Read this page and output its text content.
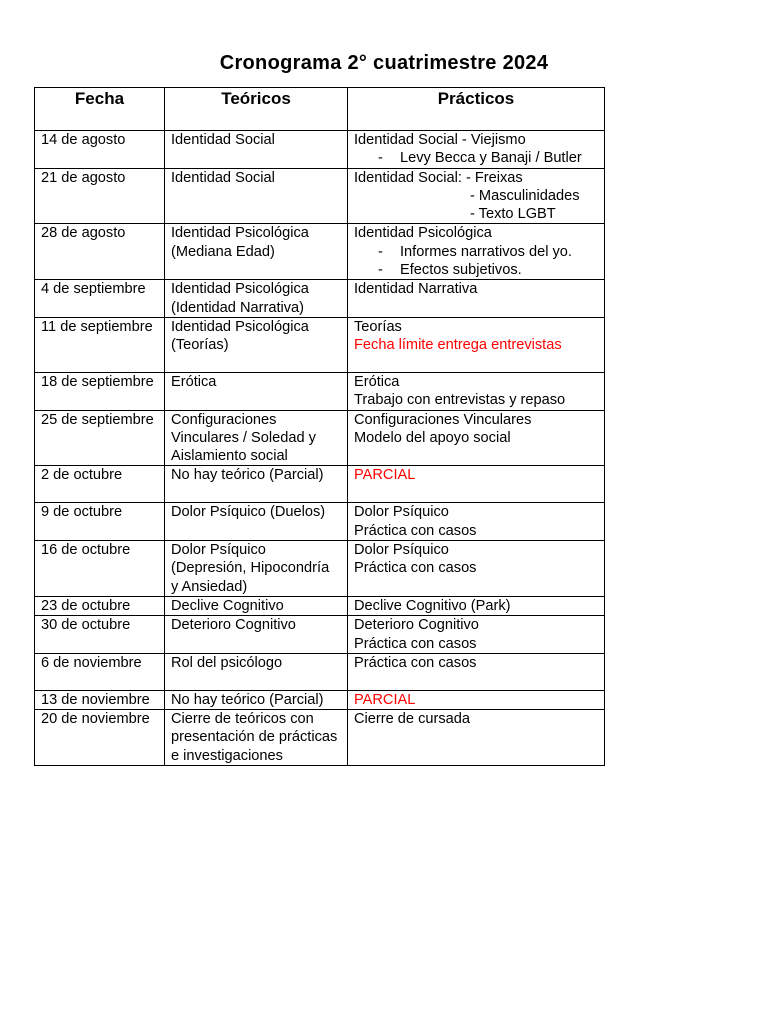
Cronograma 2° cuatrimestre 2024
Fecha	Teóricos	Prácticos

14 de agosto	Identidad Social	Identidad Social - Viejismo
- Levy Becca y Banaji / Butler

21 de agosto	Identidad Social	Identidad Social: - Freixas
- Masculinidades
- Texto LGBT

28 de agosto	Identidad Psicológica
(Mediana Edad)	Identidad Psicológica
- Informes narrativos del yo.
- Efectos subjetivos.

4 de septiembre	Identidad Psicológica
(Identidad Narrativa)	Identidad Narrativa

11 de septiembre	Identidad Psicológica
(Teorías)	Teorías
Fecha límite entrega entrevistas

18 de septiembre	Erótica	Erótica
Trabajo con entrevistas y repaso

25 de septiembre	Configuraciones
Vinculares / Soledad y
Aislamiento social	Configuraciones Vinculares
Modelo del apoyo social

2 de octubre	No hay teórico (Parcial)	PARCIAL

9 de octubre	Dolor Psíquico (Duelos)	Dolor Psíquico
Práctica con casos

16 de octubre	Dolor Psíquico
(Depresión, Hipocondría
y Ansiedad)	Dolor Psíquico
Práctica con casos

23 de octubre	Declive Cognitivo	Declive Cognitivo (Park)

30 de octubre	Deterioro Cognitivo	Deterioro Cognitivo
Práctica con casos

6 de noviembre	Rol del psicólogo	Práctica con casos

13 de noviembre	No hay teórico (Parcial)	PARCIAL

20 de noviembre	Cierre de teóricos con
presentación de prácticas
e investigaciones	Cierre de cursada
